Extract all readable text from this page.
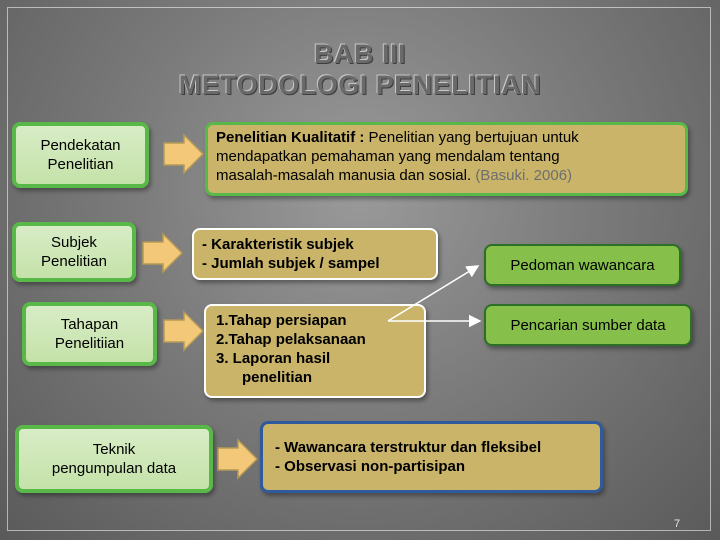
BAB III
METODOLOGI PENELITIAN
Pendekatan
Penelitian
Subjek
Penelitian
Tahapan
Penelitiian
Teknik
pengumpulan data
Penelitian Kualitatif : Penelitian yang bertujuan untuk
mendapatkan pemahaman yang mendalam tentang
masalah-masalah manusia dan sosial. (Basuki. 2006)
- Karakteristik subjek
- Jumlah subjek / sampel
1.Tahap persiapan
2.Tahap pelaksanaan
3. Laporan hasil
penelitian
- Wawancara terstruktur dan fleksibel
- Observasi non-partisipan
Pedoman wawancara
Pencarian sumber data
7
